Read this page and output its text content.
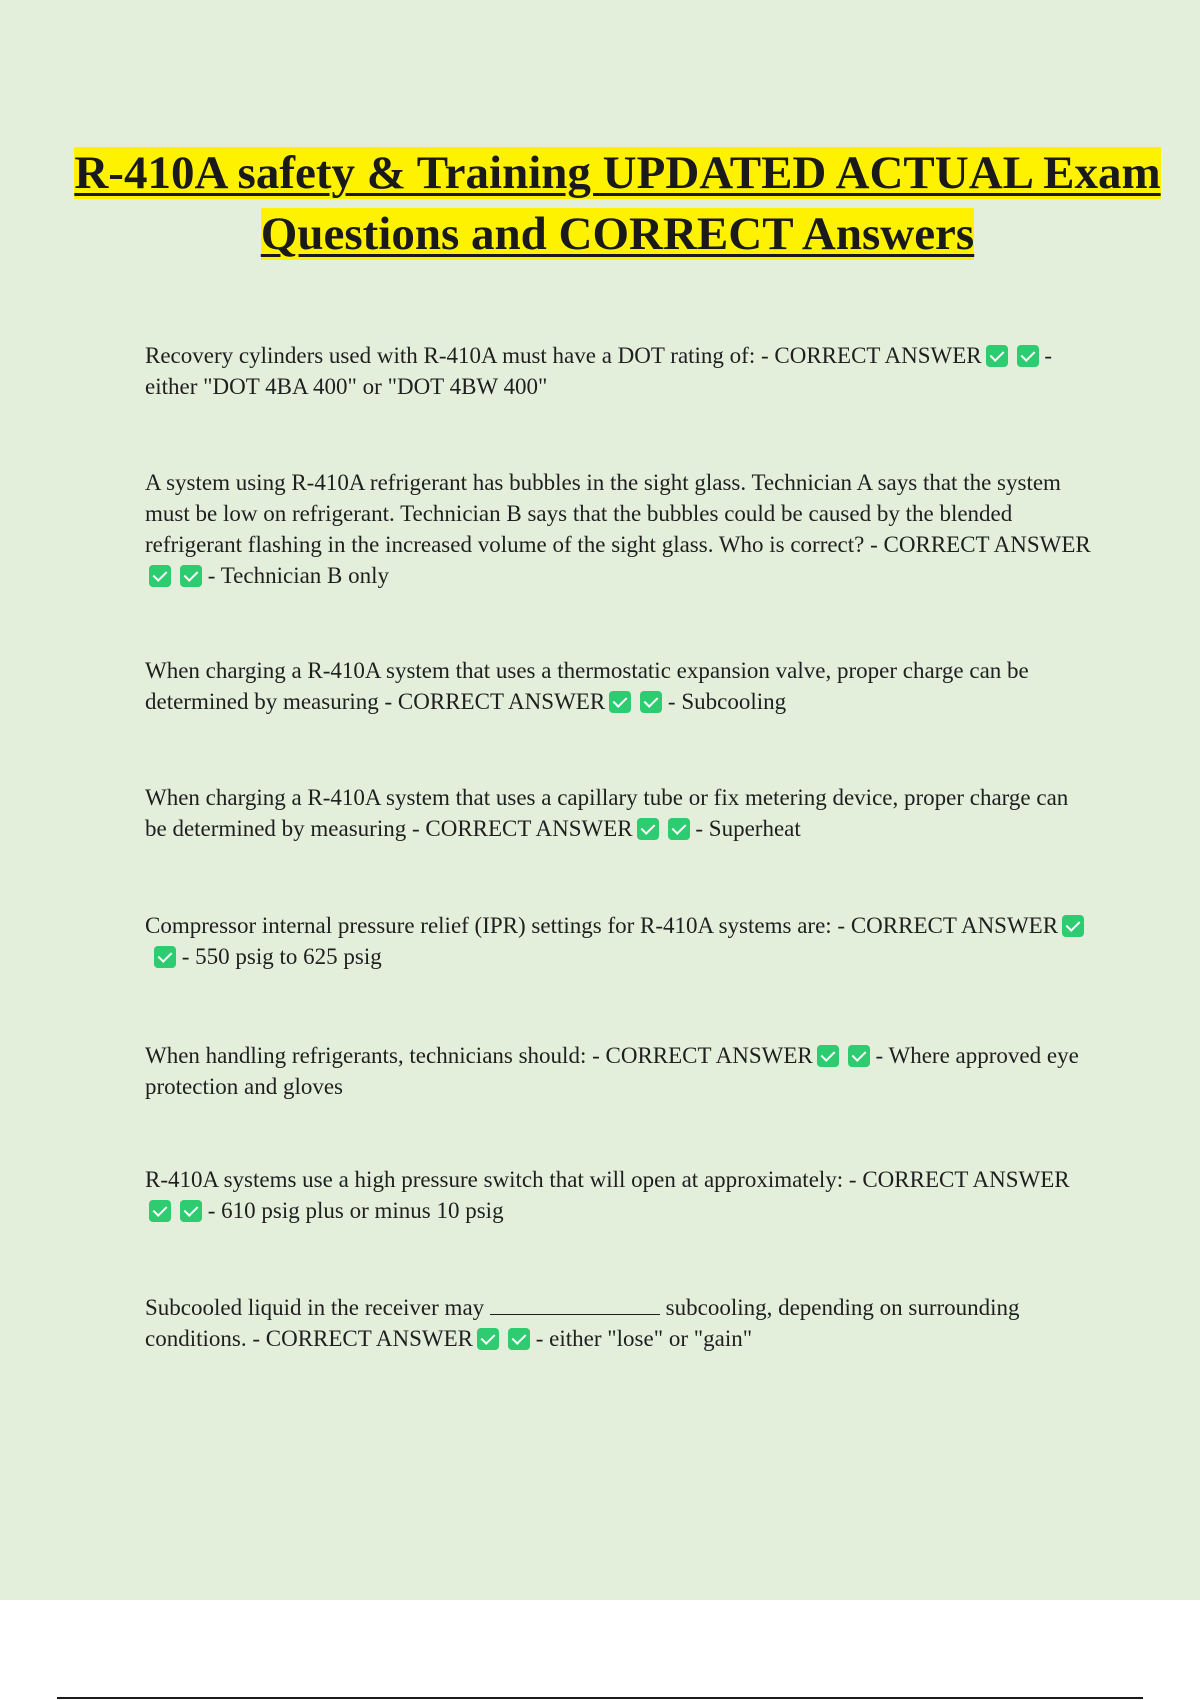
R-410A safety & Training UPDATED ACTUAL Exam Questions and CORRECT Answers

Recovery cylinders used with R-410A must have a DOT rating of: - CORRECT ANSWER	- either "DOT 4BA 400" or "DOT 4BW 400"

A system using R-410A refrigerant has bubbles in the sight glass. Technician A says that the system must be low on refrigerant. Technician B says that the bubbles could be caused by the blended refrigerant flashing in the increased volume of the sight glass. Who is correct? - CORRECT ANSWER - Technician B only

When charging a R-410A system that uses a thermostatic expansion valve, proper charge can be determined by measuring - CORRECT ANSWER	- Subcooling

When charging a R-410A system that uses a capillary tube or fix metering device, proper charge can be determined by measuring - CORRECT ANSWER	- Superheat

Compressor internal pressure relief (IPR) settings for R-410A systems are: - CORRECT ANSWER - 550 psig to 625 psig

When handling refrigerants, technicians should: - CORRECT ANSWER	- Where approved eye protection and gloves

R-410A systems use a high pressure switch that will open at approximately: - CORRECT ANSWER - 610 psig plus or minus 10 psig

Subcooled liquid in the receiver may	subcooling, depending on surrounding conditions. - CORRECT ANSWER	- either "lose" or "gain"
